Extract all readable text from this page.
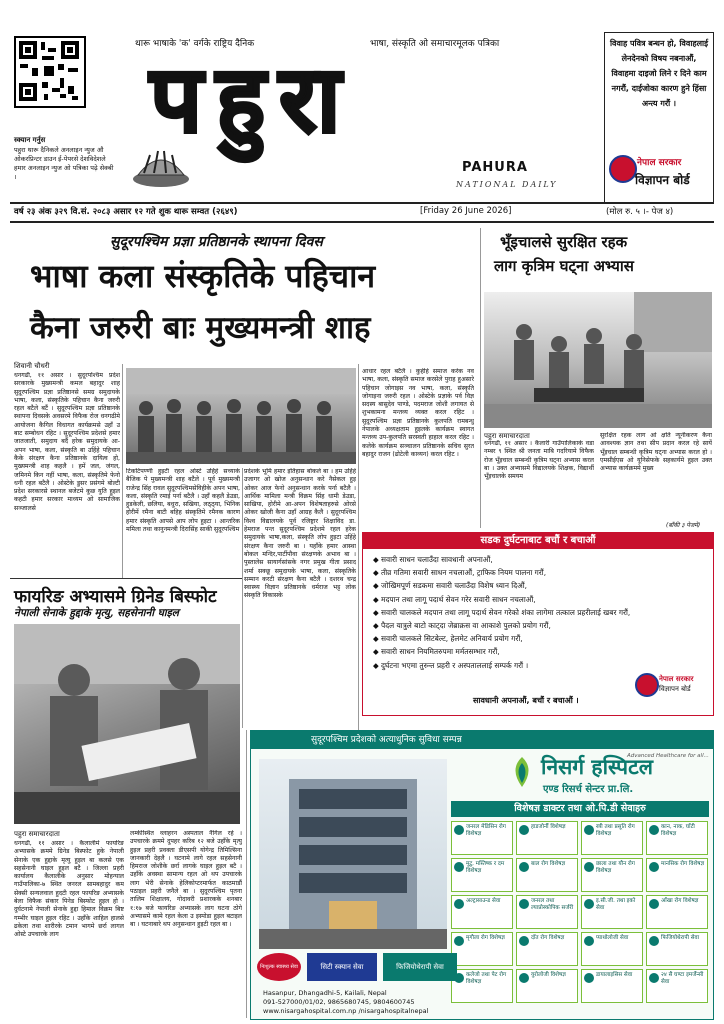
स्क्यान गर्नुस
पहुरा थारू दैनिकले अनलाइन न्युज औ ओकरप्रिन्टर डाउन ई-पेपरसे देशविदेशले हमार अनलाइन न्युज ओ पत्रिका पढ़े सेक्बी ।
थारू भाषाके 'क' वर्गके राष्ट्रिय दैनिक	भाषा, संस्कृति ओ समाचारमूलक पत्रिका
पहुरा
PAHURA
NATIONAL DAILY
विवाह पवित्र बन्धन हो, विवाहलाई लेनदेनको विषय नबनाऔं, विवाहमा दाइजो लिने र दिने काम नगरौं, दाईजोका कारण हुने हिंसा अन्त्य गरौं ।
नेपाल सरकार
विज्ञापन बोर्ड
वर्ष २३ अंक ३२९ वि.सं. २०८३ असार १२ गते शुक थारू सम्वत (२६४९)	[Friday 26 June 2026]	(मोल रु. ५ ।- पेज ४)
सुदूरपश्चिम प्रज्ञा प्रतिष्ठानके स्थापना दिवस
भाषा कला संस्कृतिके पहिचान
कैना जरुरी बाः मुख्यमन्त्री शाह
शिवानी चौधरी
धनगढी, ११ असार । सुदूरपश्चिम प्रदेश सरकारके मुख्यमन्त्री कमल बहादुर शाह सुदूरपश्चिम प्रज्ञा प्रतिष्ठानसे समग्र समुदायके भाषा, कला, संस्कृतिके पहिचान कैना जरुरी रहल बटैले बटैं । सुदूरपश्चिम प्रज्ञा प्रतिष्ठानके स्थापना दिवसके अवसरमे विफैक रोज धनगढीमे आयोजना कैगिल विधागत कार्यक्रमसे उहाँ उ बाट सम्बोधन रहिट । सुदूरपश्चिम प्रदेशसे हमार जातजाती, समुदाय बर्दै हरेक समुदायके आ-अपन भाषा, कला, संस्कृति बा उहिंहे पहिचान कैके संरक्षण कैना प्रतिष्ठानके दायित्व हो, मुख्यमन्त्री शाह कहलै । हमें जल, जंगल, जमिनमे किन नहीं भाषा, कला, संस्कृतिमे फेनो धनी रहल बटैलै । ओस्टेके डुसर प्रसंगमे बोल्टी प्रदेश सरकारसे स्थानल बजेटमे कुछ युति हुइल कहटी हमार सरकार माध्यम ओ सामाजिक सञ्जालसे
टिकटिपण्णी हुइटी रहल ओस्टे उहिंहे सच्याके बैजिक पे मुख्यमन्त्री शाह बटैले । पूर्व मुख्यमन्त्री राजेन्द्र सिंह रावल सुदूरपश्चिमसेविहीके अपन भाषा, कला, संस्कृति रमाई पर्ना बटैलै । उहाँ कहलै डेउडा, हुडकेली, छलिया, बधुरा, सखिया, लठ्ठ्या, भिनिक होरीमें रमैना बाटी बहिह संस्कृतिमे रमैनक कारण हमार संस्कृति आपसे आप लोप हुइटा । आन्तरिक ममिला तथा कानुनमन्त्री दिरासिंह साकी सुदूरपश्चिम
प्रदेशके भूमि हमार इतिहास बोकले बा । हम उहिंहे उजागर ओ खोज अनुसन्धान करे नैसेकल हुइ ओकर आज फेनो अनुसन्धान करके पर्ना बटैलै । आर्थिक मामिला मन्त्री विक्रम सिंह धामी डेउडा, साखिया, होरीमे आ-अपन विशेषताहरुसे ओरसे ओकर खोजी कैना उहाँ आग्रह कैलै । सुदूरपश्चिम विश्व विद्यालयके पूर्व रजिष्ट्रार शिक्षाविद डा. हेमराज पन्त सुदूरपश्चिम प्रदेशमे रहल हरेक समुदायके भाषा,कला, संस्कृति लोप हुइटा उहिंहे संरक्षण कैना जरुरी बा । यहाँके हमार आस्था बोकल मन्दिर,पार्टीपौवा संरक्षणके अभाव बा । पुस्तालेस सायार्गसांसके नगर प्रमुख गीता प्रसाद शर्मा सक्छू समुदायके भाषा, कला, संस्कृतिके सम्मान करटी संरक्षण कैना बटैलै । दशरथ चन्द्र स्वास्थ्य विज्ञान प्रतिष्ठानके धर्मराज भट्ट लोक संस्कृति विकासके
आधार रहल बटैलै । कुहीहे समाज करेक नव भाषा, कला, संस्कृति समाज करसेले पुराह हुअसारे पहिचान जोगाइस नव भाषा, कला, संस्कृति जोगाइना जरुरी रहल । ओस्टेके प्रज्ञाके पर्व विज्ञ सदस्य बासुदेव पाण्डे, पदमराज जोशी लगायत से शुभकामना मन्तव्य व्यक्त करल रहिट । सुदूरपश्चिम प्रज्ञा प्रतिष्ठानके कुलपति रामबन्धु नेपालके अध्यक्षताम हुइलके कार्यक्रम स्वागत मन्तव्य उप-कुलपति सरस्वती हाहाल करल रहिट । कलेके कार्यक्रम सञ्चालन प्रतिष्ठानके सचिव सुरत बहादुर राजन (ढोटेली काव्यन) करल रहिट ।
भूँइचालसे सुरक्षित रहक
लाग कृत्रिम घट्ना अभ्यास
पहुरा समाचारदाता
धनगढी, ११ असार । कैलारी गाउँपालिकाके वडा नम्बर ९ स्थित श्री जनता माबि गदरियामे विफैक रोज भूँइचाल सम्बन्धी कृत्रिम घट्ना अभ्यास करल बा । उक्त अभ्यासमे विद्यालयके शिक्षक, विद्यार्थी भूँइचालके समयम
सुरक्षित रहक लाग ओ क्षति न्यूनीकरण कैना आवश्यक ज्ञान तथा सीप प्रदान करल रहे सायें भूँइचाल सम्बन्धी कृत्रिम घट्ना अभ्यास करल हो । एमसीईएस ओ यूनिसेफके सहकार्यमे हुइल उक्त अभ्यास कार्यक्रममे मुख्य
(बाँकी ३ पेजमे)
सडक दुर्घटनाबाट बचौं र बचाऔं
◆ सवारी साधन चलाउँदा सावधानी अपनाऔं,
◆ तीव्र गतिमा सवारी साधन नचलाऔं, ट्राफिक नियम पालना गरौं,
◆ जोखिमपूर्ण सडकमा सवारी चलाउँदा विशेष ध्यान दिऔं,
◆ मदपान तथा लागू पदार्थ सेवन गरेर सवारी साधन नचलाऔं,
◆ सवारी चालकले मदपान तथा लागू पदार्थ सेवन गरेको शंका लागेमा तत्काल प्रहरीलाई खबर गरौं,
◆ पैदल यात्रुले बाटो काट्दा जेब्राक्रस वा आकाशे पुलको प्रयोग गरौं,
◆ सवारी चालकले सिटबेल्ट, हेलमेट अनिवार्य प्रयोग गरौं,
◆ सवारी साधन नियमितरुपमा मर्मतसम्भार गरौं,
◆ दुर्घटना भएमा तुरुन्त प्रहरी र अस्पताललाई सम्पर्क गरौं ।
सावधानी अपनाऔं, बचौं र बचाऔं ।
नेपाल सरकार
विज्ञापन बोर्ड
फायरिङ अभ्यासमे ग्रिनेड बिस्फोट
नेपाली सेनाके हुद्दाके मृत्यु, सहसेनानी घाइल
पहुरा समाचारदाता
धनगढी, ११ असार । कैलालीमे फायरिङ अभ्यासके क्रममे ग्रिनेड बिस्फोट हुके नेपाली सेनाके एक हुद्दाके मृत्यु हुइल बा कलसे एक सहसेनानी घाइल हुइल बटै । जिल्ला प्रहरी कार्यालय कैलालीके अनुसार मोहन्याल गाउँपालिका-७ स्थित जनरल सामबहादुर कम सेक्सी सन्यलवाल हुदटी रहल फायरिङ अभ्यासके बेला विफैक संकार पिनेड बिस्फोट हुइल हो । दुर्घटनामे नेपाली सेनाके हुद्दा हिमाल विक्रम बिष्ट गम्भीर घाइल हुइल रहिट । उहाँके शाहिल हालसे ढकेला तथा शारीरके टमान भागमे छर्रा लागल ओस्टे उपचारके लाग
लम्कीस्थित व्लाहरन अस्पताल नैगिल रहे । उपचारके क्रममे दुपहर करिब १२ बजे उहाँके मृत्यु हुइल प्रहरी प्रवक्ता डीएसपी योगेन्द्र तिमिल्सिना जानकारी देहलै । घटनामे लागे रहल सहसेनानी हिमराज जोशीके छर्रा लागके घाइल हुइल बटै । उहाँके अवस्था सामान्य रहल ओ थप उपचारके लाग भेरी सेनाके हेलिकोप्टरमार्फत काठमाडौं पठाइल प्रहरी जनैले बा । सुदूरपश्चिम पृतना तालिम शिक्षालय, गोदावरी प्रशारकके शनबार १:१७ बजे फायरिङ अभ्यासके लाग घटना ठोगे अभ्यासमे कामे रहल केला उ इस्पोडा हुइल बटाइल बा । घटनाबारे थप अनुसन्धान हुइटी रहल बा ।
सुदूरपश्चिम प्रदेशको अत्याधुनिक सुविधा सम्पन्न
निसर्ग हस्पिटल
Advanced Healthcare for all...
एण्ड रिसर्च सेन्टर प्रा.लि.
विशेषज्ञ डाक्टर तथा ओ.पि.डी सेवाहरु
जनरल मेडिसिन रोग विशेषज्ञ
हाडजोर्नी विशेषज्ञ	स्त्री तथा प्रसूति रोग विशेषज्ञ
कान, नाक, घाँटी विशेषज्ञ
मुटु, मस्तिष्क र दम विशेषज्ञ
बाल रोग विशेषज्ञ	छाला तथा यौन रोग विशेषज्ञ
मानसिक रोग विशेषज्ञ
अल्ट्रासाउन्ड सेवा	जनरल तथा ल्याप्रोस्कोपिक सर्जरी
इ.सी.जी. तथा इको सेवा
आँखा रोग विशेषज्ञ
मृगौला रोग विशेषज्ञ	दाँत रोग विशेषज्ञ	प्याथोलोजी सेवा	फिजियोथेरापी सेवा
कलेजो तथा पेट रोग विशेषज्ञ
युरोलोजी विशेषज्ञ	डायालाइसिस सेवा	२४ सै घण्टा इमर्जेन्सी सेवा
निःशुल्क स्वास्थ्य सेवा	सिटी स्क्यान सेवा	फिजियोथेरापी सेवा
Hasanpur, Dhangadhi-5, Kailali, Nepal
091-527000/01/02, 9865680745, 9804600745
www.nisargahospital.com.np /nisargahospitalnepal
